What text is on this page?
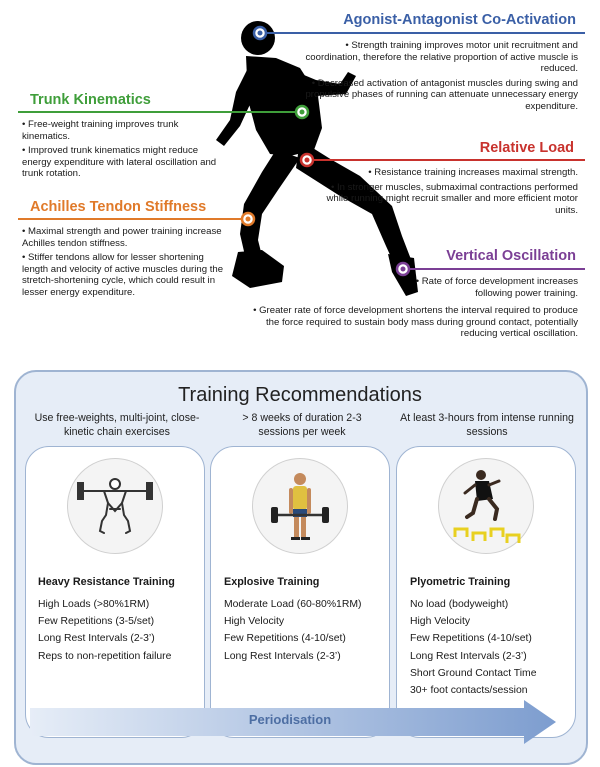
Agonist-Antagonist Co-Activation
Trunk Kinematics
Relative Load
Achilles Tendon Stiffness
Vertical Oscillation

• Strength training improves motor unit recruitment and coordination, therefore the relative proportion of active muscle is reduced.

• Decreased activation of antagonist muscles during swing and propulsive phases of running can attenuate unnecessary energy expenditure.

• Free-weight training improves trunk kinematics.

• Improved trunk kinematics might reduce energy expenditure with lateral oscillation and trunk rotation.	• Resistance training increases maximal strength.

• In stronger muscles, submaximal contractions performed while running might recruit smaller and more efficient motor units.

• Maximal strength and power training increase Achilles tendon stiffness.

• Stiffer tendons allow for lesser shortening length and velocity of active muscles during the stretch-shortening cycle, which could result in lesser energy expenditure.

• Rate of force development increases following power training.

• Greater rate of force development shortens the interval required to produce the force required to sustain body mass during ground contact, potentially reducing vertical oscillation.

Training Recommendations
Use free-weights, multi-joint, close-kinetic chain exercises
> 8 weeks of duration 2-3 sessions per week
At least 3-hours from intense running sessions
Heavy Resistance Training	Explosive Training	Plyometric Training
High Loads (>80%1RM)
Few Repetitions (3-5/set)
Long Rest Intervals (2-3’)
Reps to non-repetition failure
Moderate Load (60-80%1RM)
High Velocity
Few Repetitions (4-10/set)
Long Rest Intervals (2-3’)
No load (bodyweight)
High Velocity
Few Repetitions (4-10/set)
Long Rest Intervals (2-3’)
Short Ground Contact Time
30+ foot contacts/session
Periodisation
